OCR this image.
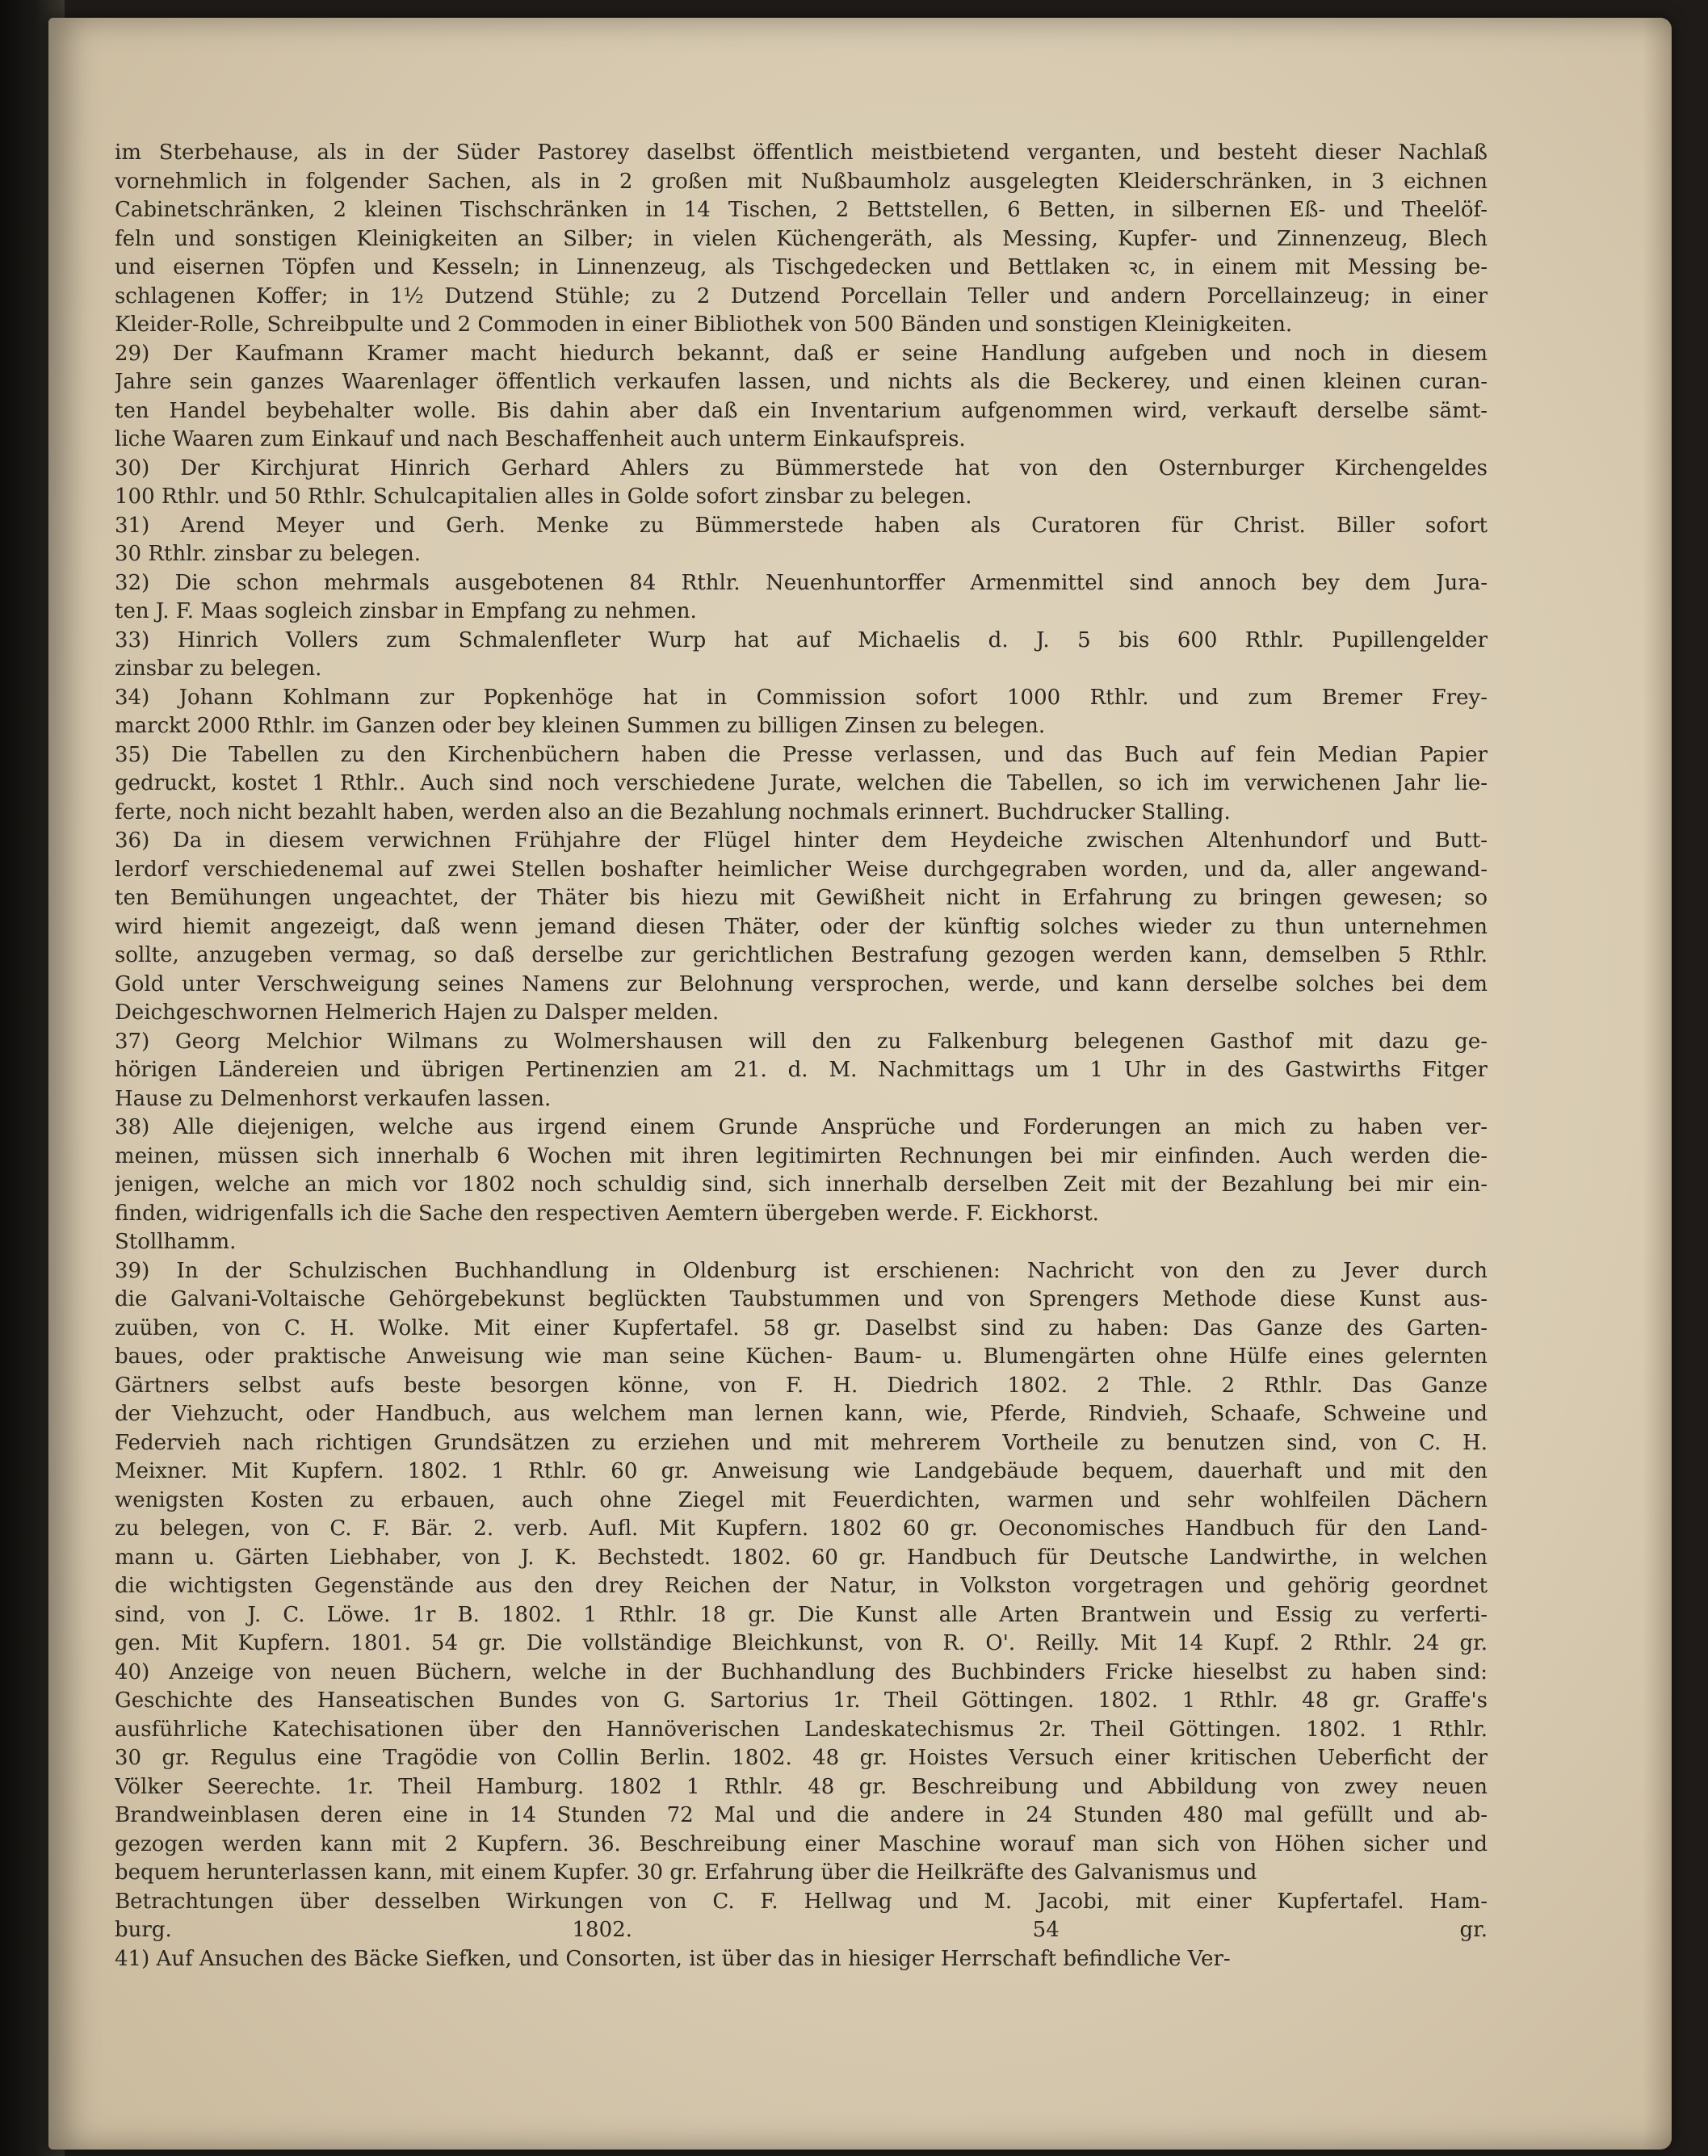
im Sterbehause, als in der Süder Pastorey daselbst öffentlich meistbietend verganten, und besteht dieser Nachlaß
vornehmlich in folgender Sachen, als in 2 großen mit Nußbaumholz ausgelegten Kleiderschränken, in 3 eichnen
Cabinetschränken, 2 kleinen Tischschränken in 14 Tischen, 2 Bettstellen, 6 Betten, in silbernen Eß- und Theelöf-
feln und sonstigen Kleinigkeiten an Silber; in vielen Küchengeräth, als Messing, Kupfer- und Zinnenzeug, Blech
und eisernen Töpfen und Kesseln; in Linnenzeug, als Tischgedecken und Bettlaken ꝛc, in einem mit Messing be-
schlagenen Koffer; in 1½ Dutzend Stühle; zu 2 Dutzend Porcellain Teller und andern Porcellainzeug; in einer
Kleider-Rolle, Schreibpulte und 2 Commoden in einer Bibliothek von 500 Bänden und sonstigen Kleinigkeiten.
29) Der Kaufmann Kramer macht hiedurch bekannt, daß er seine Handlung aufgeben und noch in diesem
Jahre sein ganzes Waarenlager öffentlich verkaufen lassen, und nichts als die Beckerey, und einen kleinen curan-
ten Handel beybehalter wolle. Bis dahin aber daß ein Inventarium aufgenommen wird, verkauft derselbe sämt-
liche Waaren zum Einkauf und nach Beschaffenheit auch unterm Einkaufspreis.
30) Der Kirchjurat Hinrich Gerhard Ahlers zu Bümmerstede hat von den Osternburger Kirchengeldes
100 Rthlr. und 50 Rthlr. Schulcapitalien alles in Golde sofort zinsbar zu belegen.
31) Arend Meyer und Gerh. Menke zu Bümmerstede haben als Curatoren für Christ. Biller sofort
30 Rthlr. zinsbar zu belegen.
32) Die schon mehrmals ausgebotenen 84 Rthlr. Neuenhuntorffer Armenmittel sind annoch bey dem Jura-
ten J. F. Maas sogleich zinsbar in Empfang zu nehmen.
33) Hinrich Vollers zum Schmalenfleter Wurp hat auf Michaelis d. J. 5 bis 600 Rthlr. Pupillengelder
zinsbar zu belegen.
34) Johann Kohlmann zur Popkenhöge hat in Commission sofort 1000 Rthlr. und zum Bremer Frey-
marckt 2000 Rthlr. im Ganzen oder bey kleinen Summen zu billigen Zinsen zu belegen.
35) Die Tabellen zu den Kirchenbüchern haben die Presse verlassen, und das Buch auf fein Median Papier
gedruckt, kostet 1 Rthlr.. Auch sind noch verschiedene Jurate, welchen die Tabellen, so ich im verwichenen Jahr lie-
ferte, noch nicht bezahlt haben, werden also an die Bezahlung nochmals erinnert. Buchdrucker Stalling.
36) Da in diesem verwichnen Frühjahre der Flügel hinter dem Heydeiche zwischen Altenhundorf und Butt-
lerdorf verschiedenemal auf zwei Stellen boshafter heimlicher Weise durchgegraben worden, und da, aller angewand-
ten Bemühungen ungeachtet, der Thäter bis hiezu mit Gewißheit nicht in Erfahrung zu bringen gewesen; so
wird hiemit angezeigt, daß wenn jemand diesen Thäter, oder der künftig solches wieder zu thun unternehmen
sollte, anzugeben vermag, so daß derselbe zur gerichtlichen Bestrafung gezogen werden kann, demselben 5 Rthlr.
Gold unter Verschweigung seines Namens zur Belohnung versprochen, werde, und kann derselbe solches bei dem
Deichgeschwornen Helmerich Hajen zu Dalsper melden.
37) Georg Melchior Wilmans zu Wolmershausen will den zu Falkenburg belegenen Gasthof mit dazu ge-
hörigen Ländereien und übrigen Pertinenzien am 21. d. M. Nachmittags um 1 Uhr in des Gastwirths Fitger
Hause zu Delmenhorst verkaufen lassen.
38) Alle diejenigen, welche aus irgend einem Grunde Ansprüche und Forderungen an mich zu haben ver-
meinen, müssen sich innerhalb 6 Wochen mit ihren legitimirten Rechnungen bei mir einfinden. Auch werden die-
jenigen, welche an mich vor 1802 noch schuldig sind, sich innerhalb derselben Zeit mit der Bezahlung bei mir ein-
finden, widrigenfalls ich die Sache den respectiven Aemtern übergeben werde. F. Eickhorst.
Stollhamm.
39) In der Schulzischen Buchhandlung in Oldenburg ist erschienen: Nachricht von den zu Jever durch
die Galvani-Voltaische Gehörgebekunst beglückten Taubstummen und von Sprengers Methode diese Kunst aus-
zuüben, von C. H. Wolke. Mit einer Kupfertafel. 58 gr. Daselbst sind zu haben: Das Ganze des Garten-
baues, oder praktische Anweisung wie man seine Küchen- Baum- u. Blumengärten ohne Hülfe eines gelernten
Gärtners selbst aufs beste besorgen könne, von F. H. Diedrich 1802. 2 Thle. 2 Rthlr. Das Ganze
der Viehzucht, oder Handbuch, aus welchem man lernen kann, wie, Pferde, Rindvieh, Schaafe, Schweine und
Federvieh nach richtigen Grundsätzen zu erziehen und mit mehrerem Vortheile zu benutzen sind, von C. H.
Meixner. Mit Kupfern. 1802. 1 Rthlr. 60 gr. Anweisung wie Landgebäude bequem, dauerhaft und mit den
wenigsten Kosten zu erbauen, auch ohne Ziegel mit Feuerdichten, warmen und sehr wohlfeilen Dächern
zu belegen, von C. F. Bär. 2. verb. Aufl. Mit Kupfern. 1802 60 gr. Oeconomisches Handbuch für den Land-
mann u. Gärten Liebhaber, von J. K. Bechstedt. 1802. 60 gr. Handbuch für Deutsche Landwirthe, in welchen
die wichtigsten Gegenstände aus den drey Reichen der Natur, in Volkston vorgetragen und gehörig geordnet
sind, von J. C. Löwe. 1r B. 1802. 1 Rthlr. 18 gr. Die Kunst alle Arten Brantwein und Essig zu verferti-
gen. Mit Kupfern. 1801. 54 gr. Die vollständige Bleichkunst, von R. O'. Reilly. Mit 14 Kupf. 2 Rthlr. 24 gr.
40) Anzeige von neuen Büchern, welche in der Buchhandlung des Buchbinders Fricke hieselbst zu haben sind:
Geschichte des Hanseatischen Bundes von G. Sartorius 1r. Theil Göttingen. 1802. 1 Rthlr. 48 gr. Graffe's
ausführliche Katechisationen über den Hannöverischen Landeskatechismus 2r. Theil Göttingen. 1802. 1 Rthlr.
30 gr. Regulus eine Tragödie von Collin Berlin. 1802. 48 gr. Hoistes Versuch einer kritischen Ueberficht der
Völker Seerechte. 1r. Theil Hamburg. 1802 1 Rthlr. 48 gr. Beschreibung und Abbildung von zwey neuen
Brandweinblasen deren eine in 14 Stunden 72 Mal und die andere in 24 Stunden 480 mal gefüllt und ab-
gezogen werden kann mit 2 Kupfern. 36. Beschreibung einer Maschine worauf man sich von Höhen sicher und
bequem herunterlassen kann, mit einem Kupfer. 30 gr. Erfahrung über die Heilkräfte des Galvanismus und
Betrachtungen über desselben Wirkungen von C. F. Hellwag und M. Jacobi, mit einer Kupfertafel. Ham-
burg. 1802. 54 gr.
41) Auf Ansuchen des Bäcke Siefken, und Consorten, ist über das in hiesiger Herrschaft befindliche Ver-
